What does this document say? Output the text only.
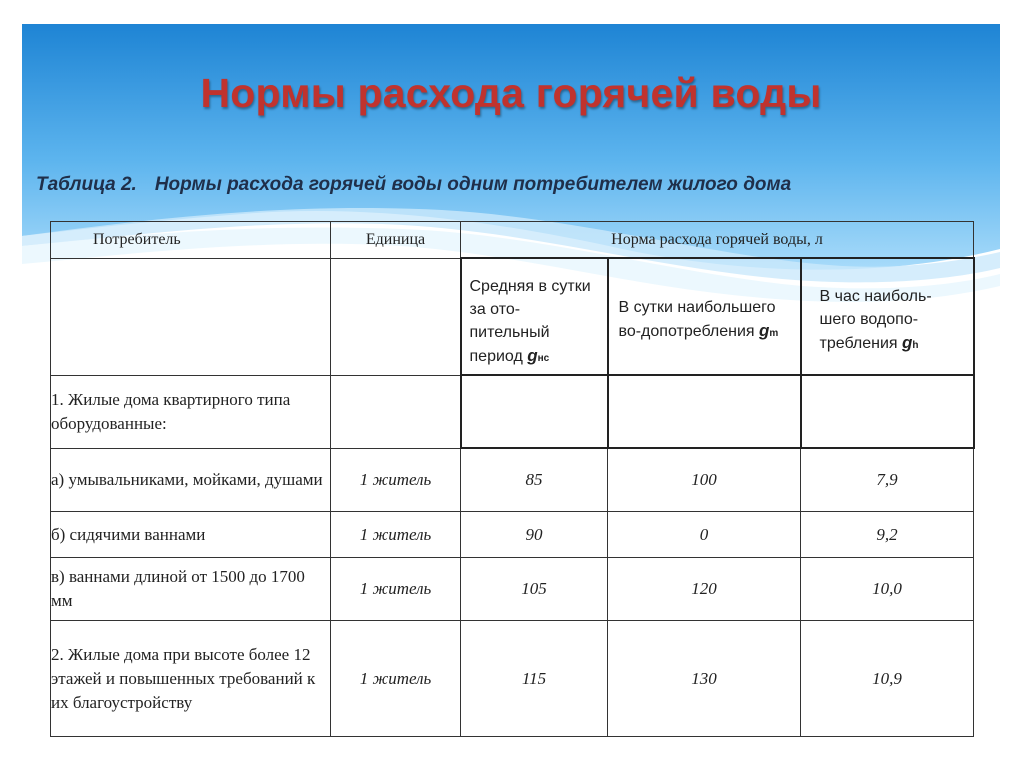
Нормы расхода горячей воды
Таблица 2. Нормы расхода горячей воды одним потребителем жилого дома
Потребитель	Единица	Норма расхода горячей воды, л		

		Средняя в сутки за ото-пительный период gнс	В сутки наибольшего во-допотребления gm	В час наиболь-шего водопо-требления gh

1. Жилые дома квартирного типа оборудованные:				
а) умывальниками, мойками, душами	1 житель	85	100	7,9
б) сидячими ваннами	1 житель	90	0	9,2
в) ваннами длиной от 1500 до 1700 мм	1 житель	105	120	10,0
2. Жилые дома при высоте более 12 этажей и повышенных требований к их благоустройству	1 житель	115	130	10,9
